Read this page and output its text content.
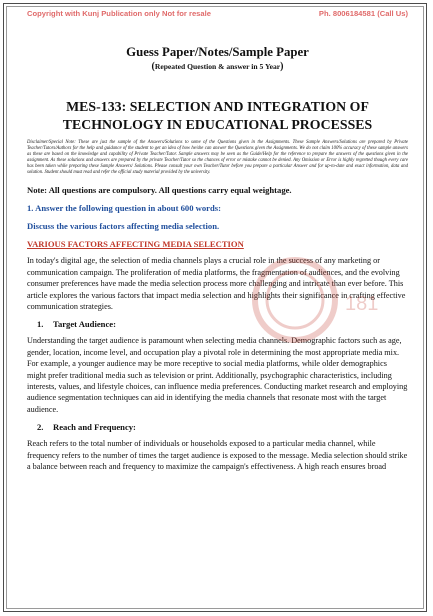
Copyright with Kunj Publication only Not for resale	Ph. 8006184581 (Call Us)
Guess Paper/Notes/Sample Paper
(Repeated Question & answer in 5 Year)
MES-133: SELECTION AND INTEGRATION OF TECHNOLOGY IN EDUCATIONAL PROCESSES
Disclaimer/Special Note: These are just the sample of the Answers/Solutions to some of the Questions given in the Assignments. These Sample Answers/Solutions are prepared by Private Teacher/Tutors/Authors for the help and guidance of the student to get an idea of how he/she can answer the Questions given the Assignments. We do not claim 100% accuracy of these sample answers as these are based on the knowledge and capability of Private Teacher/Tutor. Sample answers may be seen as the Guide/Help for the reference to prepare the answers of the questions given in the assignment. As these solutions and answers are prepared by the private Teacher/Tutor so the chances of error or mistake cannot be denied. Any Omission or Error is highly regretted though every care has been taken while preparing these Sample Answers/ Solutions. Please consult your own Teacher/Tutor before you prepare a particular Answer and for up-to-date and exact information, data and solution. Student should must read and refer the official study material provided by the university.
Note: All questions are compulsory. All questions carry equal weightage.
1. Answer the following question in about 600 words:
Discuss the various factors affecting media selection.
VARIOUS FACTORS AFFECTING MEDIA SELECTION
In today's digital age, the selection of media channels plays a crucial role in the success of any marketing or communication campaign. The proliferation of media platforms, the fragmentation of audiences, and the evolving consumer preferences have made the media selection process more challenging and intricate than ever before. This article explores the various factors that impact media selection and highlights their significance in crafting effective communication strategies.
1. Target Audience:
Understanding the target audience is paramount when selecting media channels. Demographic factors such as age, gender, location, income level, and occupation play a pivotal role in determining the most appropriate media mix. For example, a younger audience may be more receptive to social media platforms, while older demographics might prefer traditional media such as television or print. Additionally, psychographic characteristics, including interests, values, and lifestyle choices, can influence media preferences. Conducting market research and employing audience segmentation techniques can aid in identifying the media channels that resonate most with the target audience.
2. Reach and Frequency:
Reach refers to the total number of individuals or households exposed to a particular media channel, while frequency refers to the number of times the target audience is exposed to the message. Media selection should strike a balance between reach and frequency to maximize the campaign's effectiveness. A high reach ensures broad
181
